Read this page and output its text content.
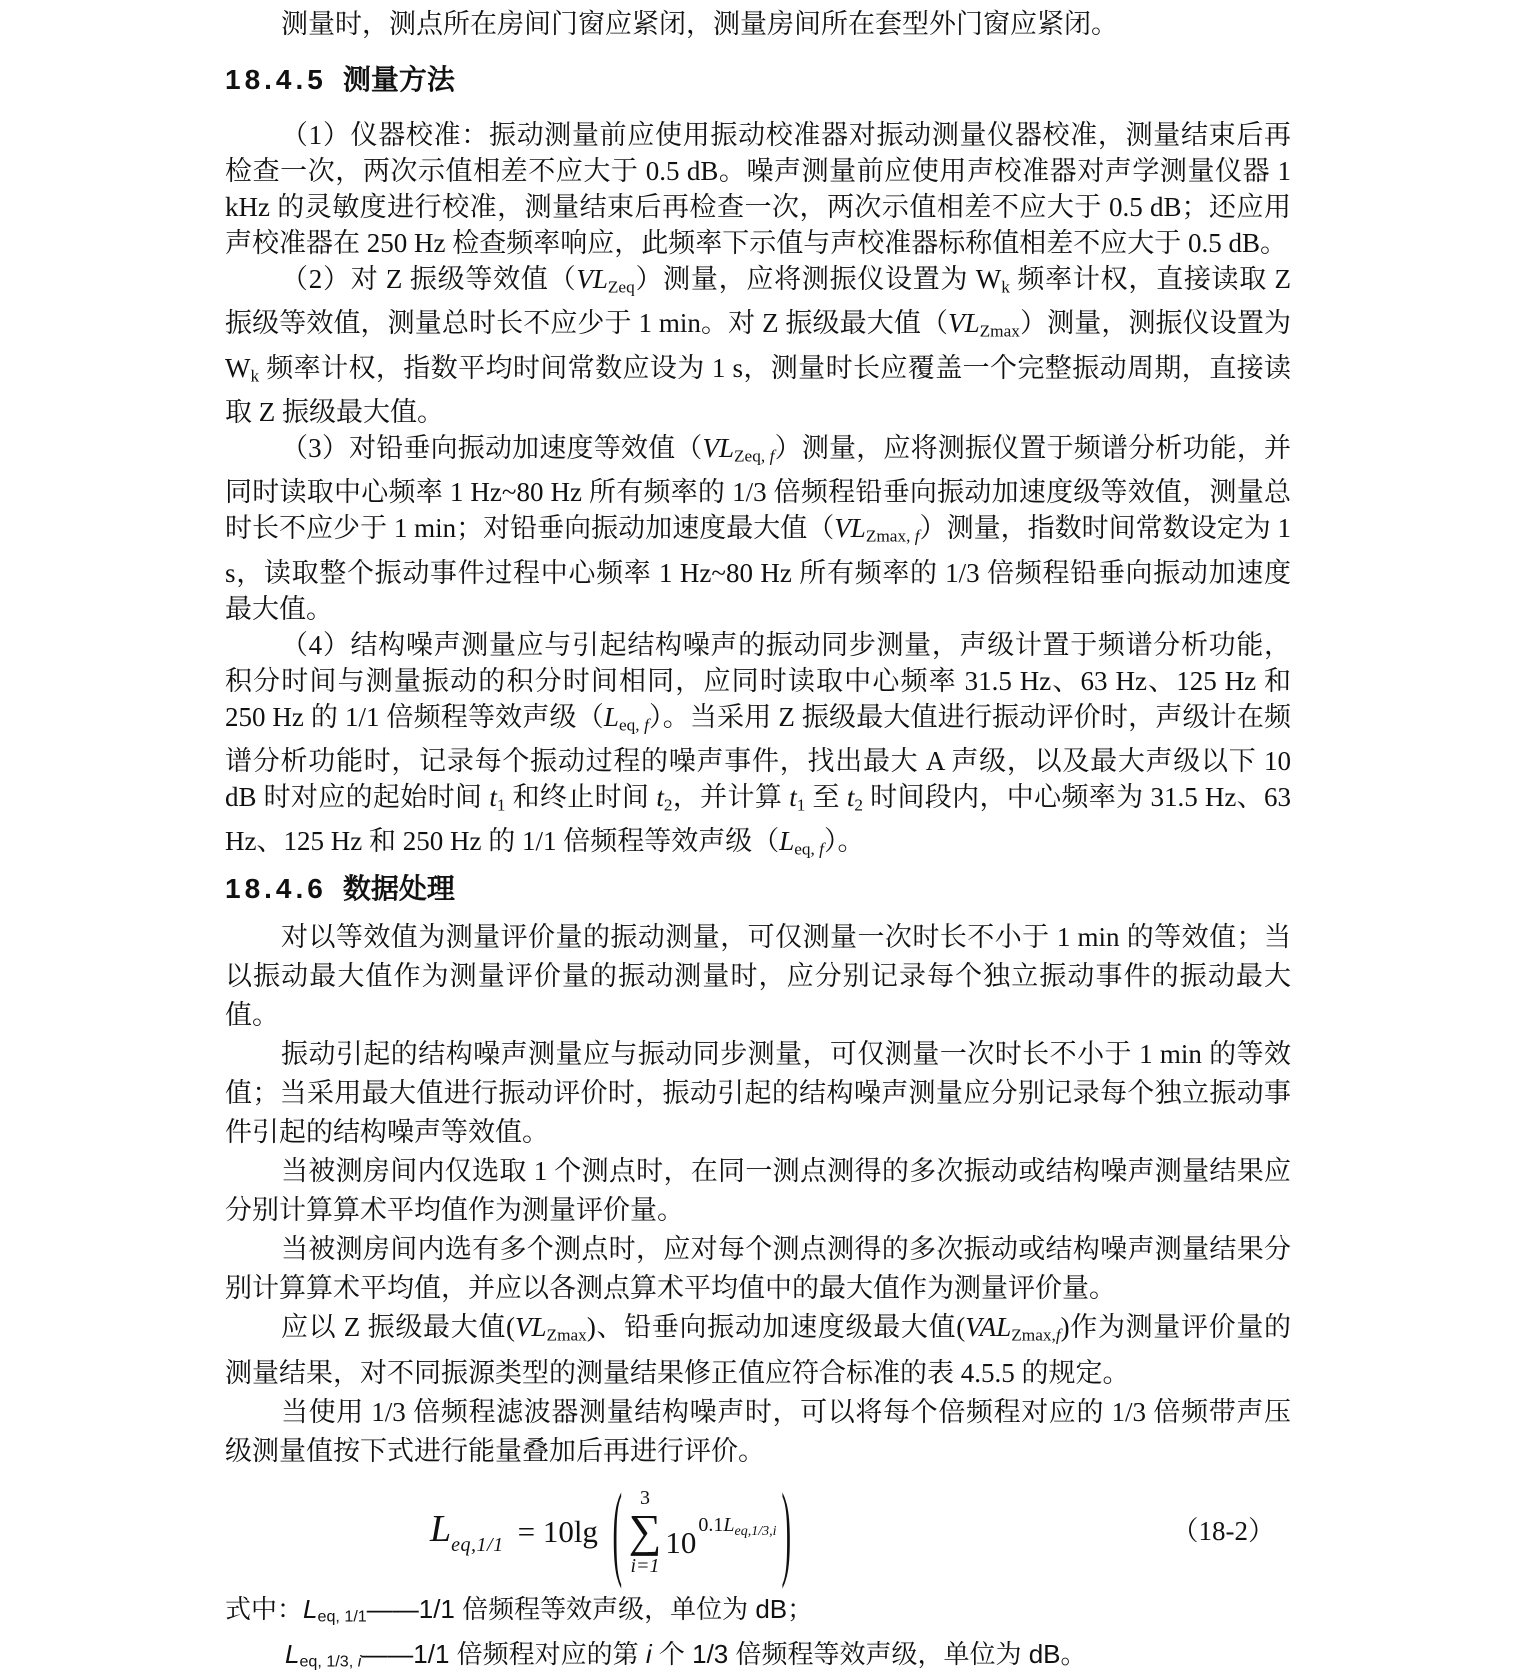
测量时，测点所在房间门窗应紧闭，测量房间所在套型外门窗应紧闭。

18.4.5 测量方法

（1）仪器校准：振动测量前应使用振动校准器对振动测量仪器校准，测量结束后再检查一次，两次示值相差不应大于 0.5 dB。噪声测量前应使用声校准器对声学测量仪器 1 kHz 的灵敏度进行校准，测量结束后再检查一次，两次示值相差不应大于 0.5 dB；还应用声校准器在 250 Hz 检查频率响应，此频率下示值与声校准器标称值相差不应大于 0.5 dB。

（2）对 Z 振级等效值（VLZeq）测量，应将测振仪设置为 Wk 频率计权，直接读取 Z 振级等效值，测量总时长不应少于 1 min。对 Z 振级最大值（VLZmax）测量，测振仪设置为 Wk 频率计权，指数平均时间常数应设为 1 s，测量时长应覆盖一个完整振动周期，直接读取 Z 振级最大值。

（3）对铅垂向振动加速度等效值（VLZeq, f）测量，应将测振仪置于频谱分析功能，并同时读取中心频率 1 Hz~80 Hz 所有频率的 1/3 倍频程铅垂向振动加速度级等效值，测量总时长不应少于 1 min；对铅垂向振动加速度最大值（VLZmax, f）测量，指数时间常数设定为 1 s，读取整个振动事件过程中心频率 1 Hz~80 Hz 所有频率的 1/3 倍频程铅垂向振动加速度最大值。

（4）结构噪声测量应与引起结构噪声的振动同步测量，声级计置于频谱分析功能，积分时间与测量振动的积分时间相同，应同时读取中心频率 31.5 Hz、63 Hz、125 Hz 和 250 Hz 的 1/1 倍频程等效声级（Leq, f）。当采用 Z 振级最大值进行振动评价时，声级计在频谱分析功能时，记录每个振动过程的噪声事件，找出最大 A 声级，以及最大声级以下 10 dB 时对应的起始时间 t1 和终止时间 t2，并计算 t1 至 t2 时间段内，中心频率为 31.5 Hz、63 Hz、125 Hz 和 250 Hz 的 1/1 倍频程等效声级（Leq, f）。

18.4.6 数据处理

对以等效值为测量评价量的振动测量，可仅测量一次时长不小于 1 min 的等效值；当以振动最大值作为测量评价量的振动测量时，应分别记录每个独立振动事件的振动最大值。

振动引起的结构噪声测量应与振动同步测量，可仅测量一次时长不小于 1 min 的等效值；当采用最大值进行振动评价时，振动引起的结构噪声测量应分别记录每个独立振动事件引起的结构噪声等效值。

当被测房间内仅选取 1 个测点时，在同一测点测得的多次振动或结构噪声测量结果应分别计算算术平均值作为测量评价量。

当被测房间内选有多个测点时，应对每个测点测得的多次振动或结构噪声测量结果分别计算算术平均值，并应以各测点算术平均值中的最大值作为测量评价量。

应以 Z 振级最大值(VLZmax)、铅垂向振动加速度级最大值(VALZmax,f)作为测量评价量的测量结果，对不同振源类型的测量结果修正值应符合标准的表 4.5.5 的规定。

当使用 1/3 倍频程滤波器测量结构噪声时，可以将每个倍频程对应的 1/3 倍频带声压级测量值按下式进行能量叠加后再进行评价。

$L_{eq,1/1} = 10\lg$ ( 3
∑
i=1
10 $0.1L_{eq,1/3,i}$ )	（18-2）

式中：Leq, 1/1——1/1 倍频程等效声级，单位为 dB；

Leq, 1/3, i——1/1 倍频程对应的第 i 个 1/3 倍频程等效声级，单位为 dB。
